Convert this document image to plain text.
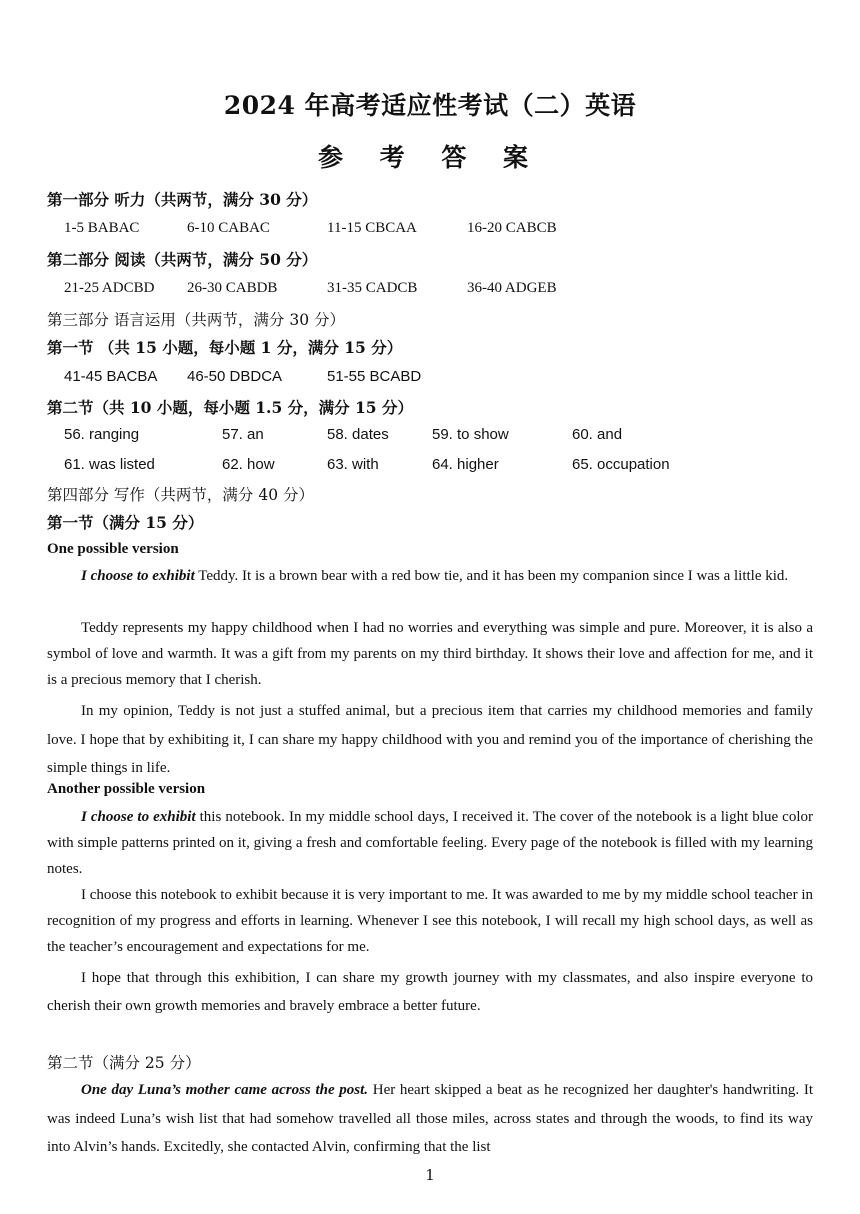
2024 年高考适应性考试（二）英语
参 考 答 案
第一部分 听力（共两节，满分 30 分）
1-5 BABAC	6-10 CABAC	11-15 CBCAA	16-20 CABCB
第二部分 阅读（共两节，满分 50 分）
21-25 ADCBD 26-30 CABDB	31-35 CADCB	36-40 ADGEB
第三部分 语言运用（共两节，满分 30 分）
第一节 （共 15 小题，每小题 1 分，满分 15 分）
41-45 BACBA 46-50 DBDCA	51-55 BCABD
第二节（共 10 小题，每小题 1.5 分，满分 15 分）
56. ranging	57. an	58. dates	59. to show	60. and
61. was listed	62. how	63. with	64. higher	65. occupation
第四部分 写作（共两节，满分 40 分）
第一节（满分 15 分）
One possible version

I choose to exhibit Teddy. It is a brown bear with a red bow tie, and it has been my companion since I was a little kid.

Teddy represents my happy childhood when I had no worries and everything was simple and pure. Moreover, it is also a symbol of love and warmth. It was a gift from my parents on my third birthday. It shows their love and affection for me, and it is a precious memory that I cherish.

In my opinion, Teddy is not just a stuffed animal, but a precious item that carries my childhood memories and family love. I hope that by exhibiting it, I can share my happy childhood with you and remind you of the importance of cherishing the simple things in life.

Another possible version

I choose to exhibit this notebook. In my middle school days, I received it. The cover of the notebook is a light blue color with simple patterns printed on it, giving a fresh and comfortable feeling. Every page of the notebook is filled with my learning notes.

I choose this notebook to exhibit because it is very important to me. It was awarded to me by my middle school teacher in recognition of my progress and efforts in learning. Whenever I see this notebook, I will recall my high school days, as well as the teacher’s encouragement and expectations for me.

I hope that through this exhibition, I can share my growth journey with my classmates, and also inspire everyone to cherish their own growth memories and bravely embrace a better future.

第二节（满分 25 分）

One day Luna’s mother came across the post. Her heart skipped a beat as he recognized her daughter's handwriting. It was indeed Luna’s wish list that had somehow travelled all those miles, across states and through the woods, to find its way into Alvin’s hands. Excitedly, she contacted Alvin, confirming that the list

1
